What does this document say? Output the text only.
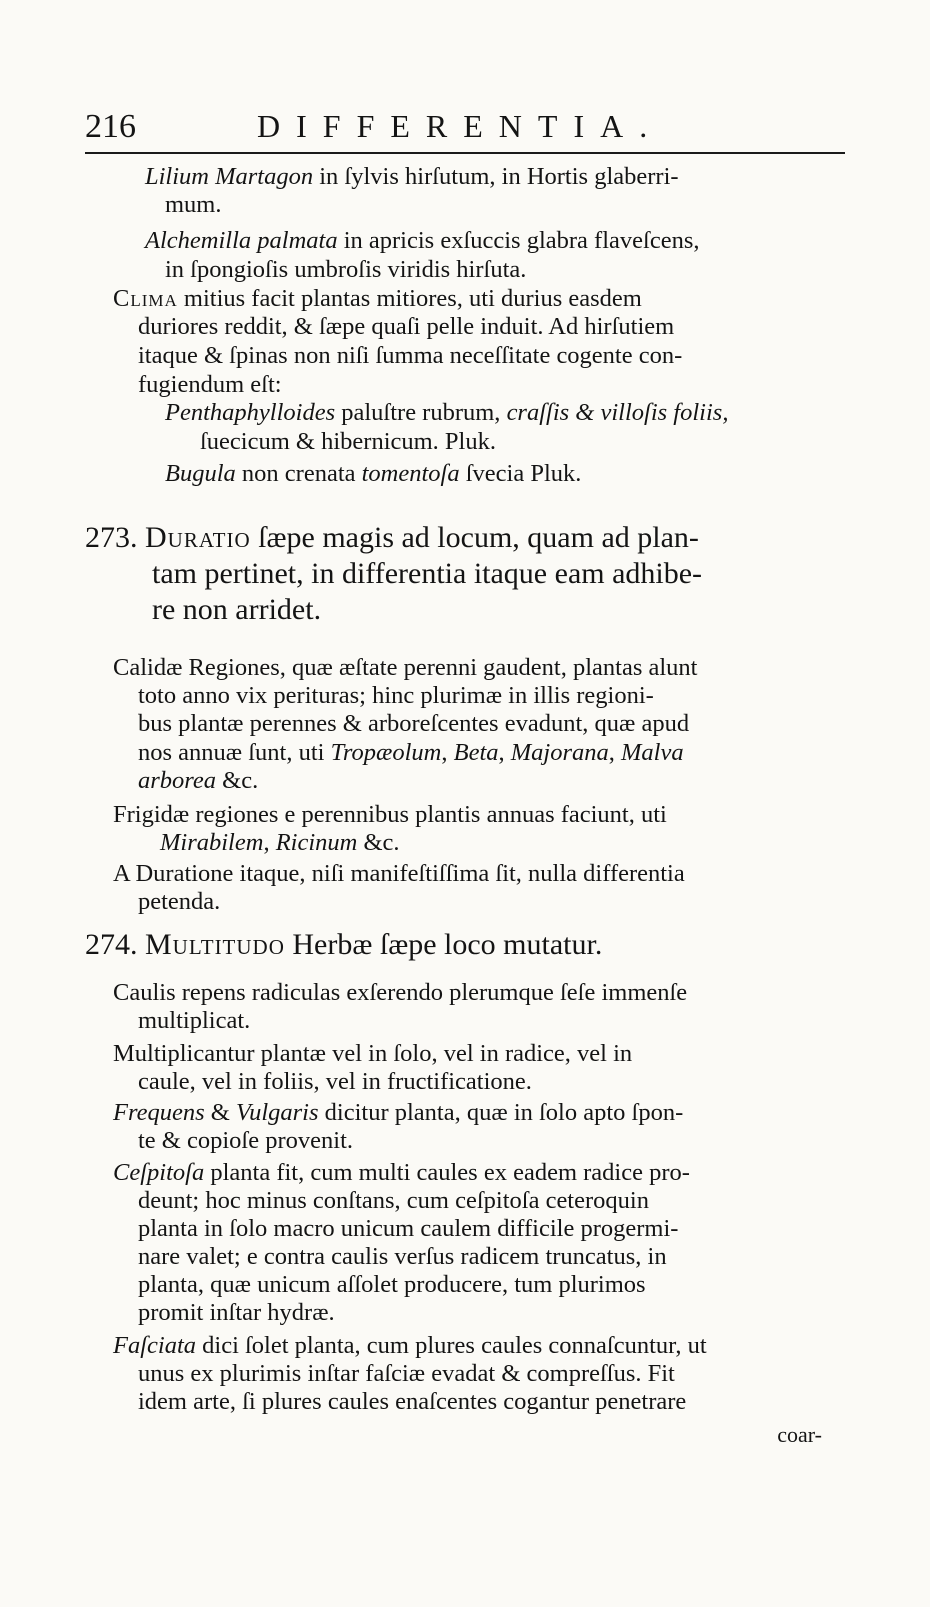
216	DIFFERENTIA.
Lilium Martagon in ſylvis hirſutum, in Hortis glaberri-
mum.
Alchemilla palmata in apricis exſuccis glabra flaveſcens,
in ſpongioſis umbroſis viridis hirſuta.
Clima mitius facit plantas mitiores, uti durius easdem
duriores reddit, & ſæpe quaſi pelle induit. Ad hirſutiem
itaque & ſpinas non niſi ſumma neceſſitate cogente con-
fugiendum eſt:
Penthaphylloides paluſtre rubrum, craſſis & villoſis foliis,
ſuecicum & hibernicum. Pluk.
Bugula non crenata tomentoſa ſvecia Pluk.
273. Duratio ſæpe magis ad locum, quam ad plan-
tam pertinet, in differentia itaque eam adhibe-
re non arridet.
Calidæ Regiones, quæ æſtate perenni gaudent, plantas alunt
toto anno vix perituras; hinc plurimæ in illis regioni-
bus plantæ perennes & arboreſcentes evadunt, quæ apud
nos annuæ ſunt, uti Tropæolum, Beta, Majorana, Malva
arborea &c.
Frigidæ regiones e perennibus plantis annuas faciunt, uti
Mirabilem, Ricinum &c.
A Duratione itaque, niſi manifeſtiſſima ſit, nulla differentia
petenda.
274. Multitudo Herbæ ſæpe loco mutatur.
Caulis repens radiculas exſerendo plerumque ſeſe immenſe
multiplicat.
Multiplicantur plantæ vel in ſolo, vel in radice, vel in
caule, vel in foliis, vel in fructificatione.
Frequens & Vulgaris dicitur planta, quæ in ſolo apto ſpon-
te & copioſe provenit.
Ceſpitoſa planta fit, cum multi caules ex eadem radice pro-
deunt; hoc minus conſtans, cum ceſpitoſa ceteroquin
planta in ſolo macro unicum caulem difficile progermi-
nare valet; e contra caulis verſus radicem truncatus, in
planta, quæ unicum aſſolet producere, tum plurimos
promit inſtar hydræ.
Faſciata dici ſolet planta, cum plures caules connaſcuntur, ut
unus ex plurimis inſtar faſciæ evadat & compreſſus. Fit
idem arte, ſi plures caules enaſcentes cogantur penetrare
coar-
